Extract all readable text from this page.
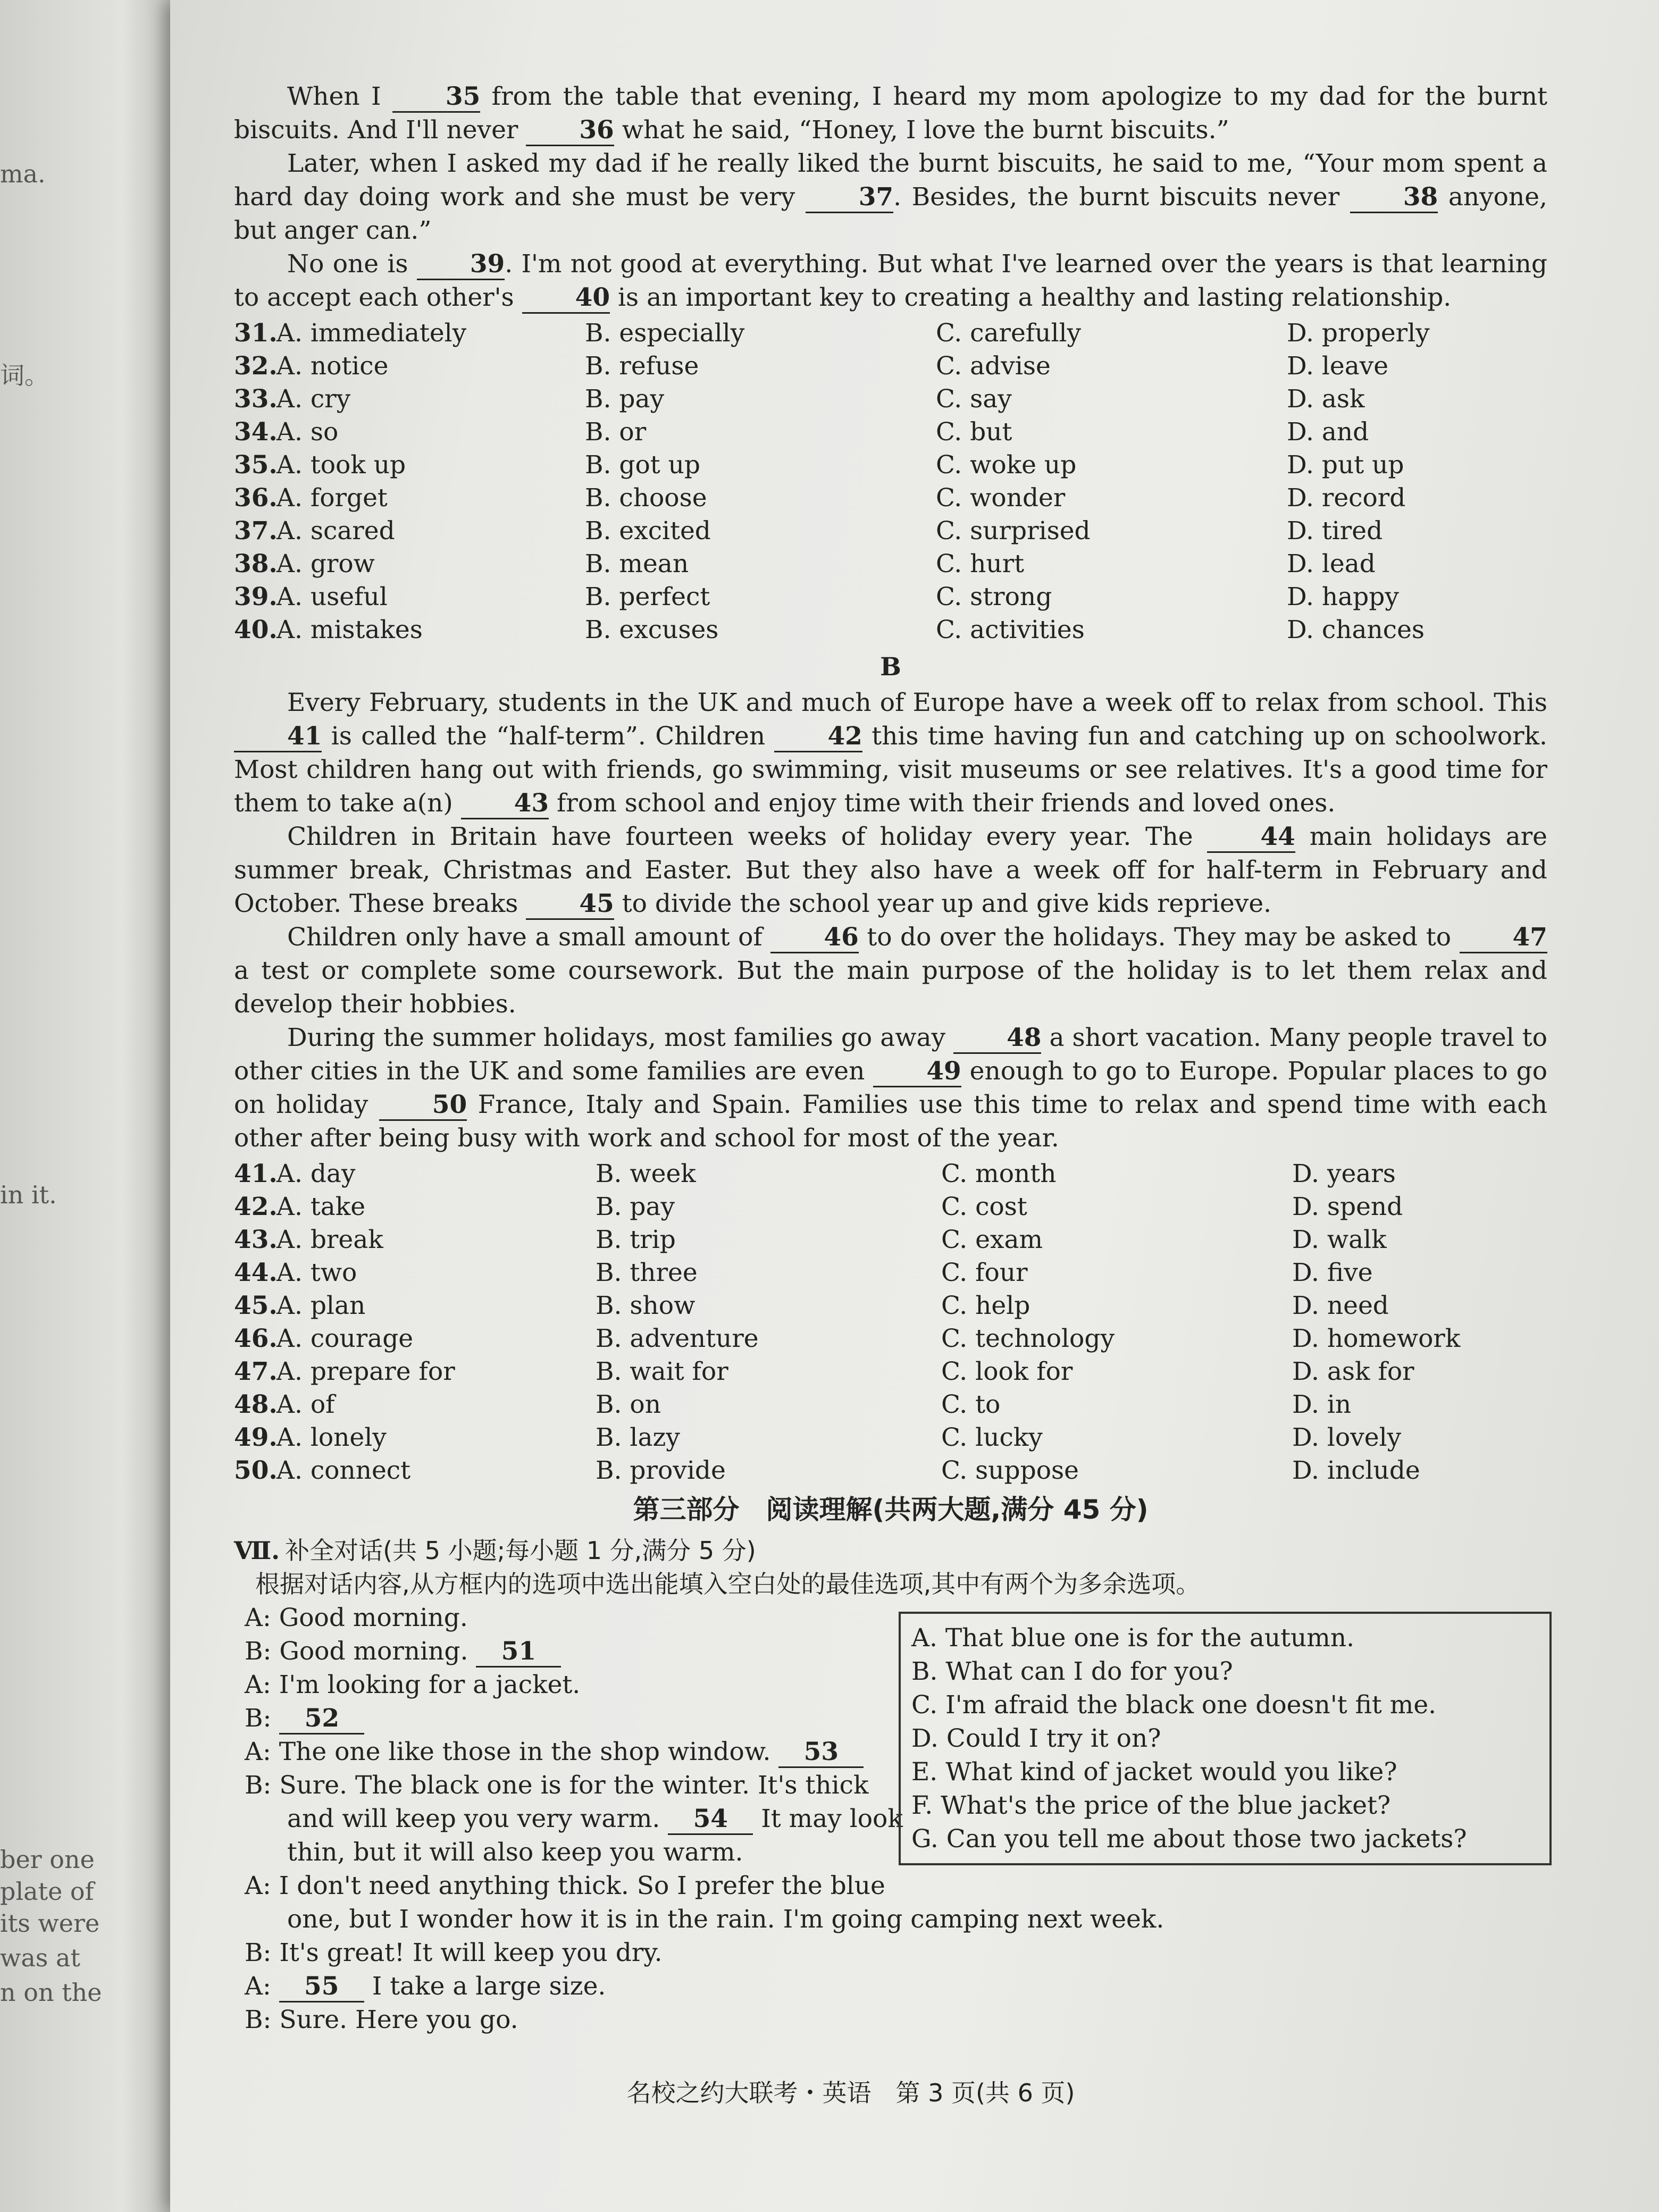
ma.
词。
in it.
ber one
plate of
its were
was at
n on the

When I	35 from the table that evening, I heard my mom apologize to my dad for the burnt biscuits. And I'll never 36 what he said, “Honey, I love the burnt biscuits.”

Later, when I asked my dad if he really liked the burnt biscuits, he said to me, “Your mom spent a hard day doing work and she must be very	37. Besides, the burnt biscuits never	38 anyone, but anger can.”

No one is 39. I'm not good at everything. But what I've learned over the years is that learning to accept each other's 40 is an important key to creating a healthy and lasting relationship.

31.
A. immediately	B. especially	C. carefully	D. properly
32.
A. notice	B. refuse	C. advise	D. leave
33.
A. cry	B. pay	C. say	D. ask
34.
A. so	B. or	C. but	D. and
35.
A. took up	B. got up	C. woke up	D. put up
36.
A. forget	B. choose	C. wonder	D. record
37.
A. scared	B. excited	C. surprised	D. tired
38.
A. grow	B. mean	C. hurt	D. lead
39.
A. useful	B. perfect	C. strong	D. happy
40.
A. mistakes	B. excuses	C. activities	D. chances
B

Every February, students in the UK and much of Europe have a week off to relax from school. This 41 is called the “half-term”. Children 42 this time having fun and catching up on schoolwork. Most children hang out with friends, go swimming, visit museums or see relatives. It's a good time for them to take a(n) 43 from school and enjoy time with their friends and loved ones.

Children in Britain have fourteen weeks of holiday every year. The	44 main holidays are summer break, Christmas and Easter. But they also have a week off for half-term in February and October. These breaks 45 to divide the school year up and give kids reprieve.

Children only have a small amount of 46 to do over the holidays. They may be asked to 47 a test or complete some coursework. But the main purpose of the holiday is to let them relax and develop their hobbies.

During the summer holidays, most families go away 48 a short vacation. Many people travel to other cities in the UK and some families are even 49 enough to go to Europe. Popular places to go on holiday	50 France, Italy and Spain. Families use this time to relax and spend time with each other after being busy with work and school for most of the year.

41.
A. day	B. week	C. month	D. years
42.
A. take	B. pay	C. cost	D. spend
43.
A. break	B. trip	C. exam	D. walk
44.
A. two	B. three	C. four	D. five
45.
A. plan	B. show	C. help	D. need
46.
A. courage	B. adventure	C. technology	D. homework
47.
A. prepare for	B. wait for	C. look for	D. ask for
48.
A. of	B. on	C. to	D. in
49.
A. lonely	B. lazy	C. lucky	D. lovely
50.
A. connect	B. provide	C. suppose	D. include
第三部分　阅读理解(共两大题,满分 45 分)
Ⅶ. 补全对话(共 5 小题;每小题 1 分,满分 5 分)
根据对话内容,从方框内的选项中选出能填入空白处的最佳选项,其中有两个为多余选项。
A: Good morning.
B: Good morning. 51
A: I'm looking for a jacket.
B: 52
A: The one like those in the shop window. 53
B: Sure. The black one is for the winter. It's thick
and will keep you very warm. 54 It may look
thin, but it will also keep you warm.
A: I don't need anything thick. So I prefer the blue
one, but I wonder how it is in the rain. I'm going camping next week.
B: It's great! It will keep you dry.
A: 55 I take a large size.
B: Sure. Here you go.
A. That blue one is for the autumn.
B. What can I do for you?
C. I'm afraid the black one doesn't fit me.
D. Could I try it on?
E. What kind of jacket would you like?
F. What's the price of the blue jacket?
G. Can you tell me about those two jackets?
名校之约大联考・英语　第 3 页(共 6 页)
